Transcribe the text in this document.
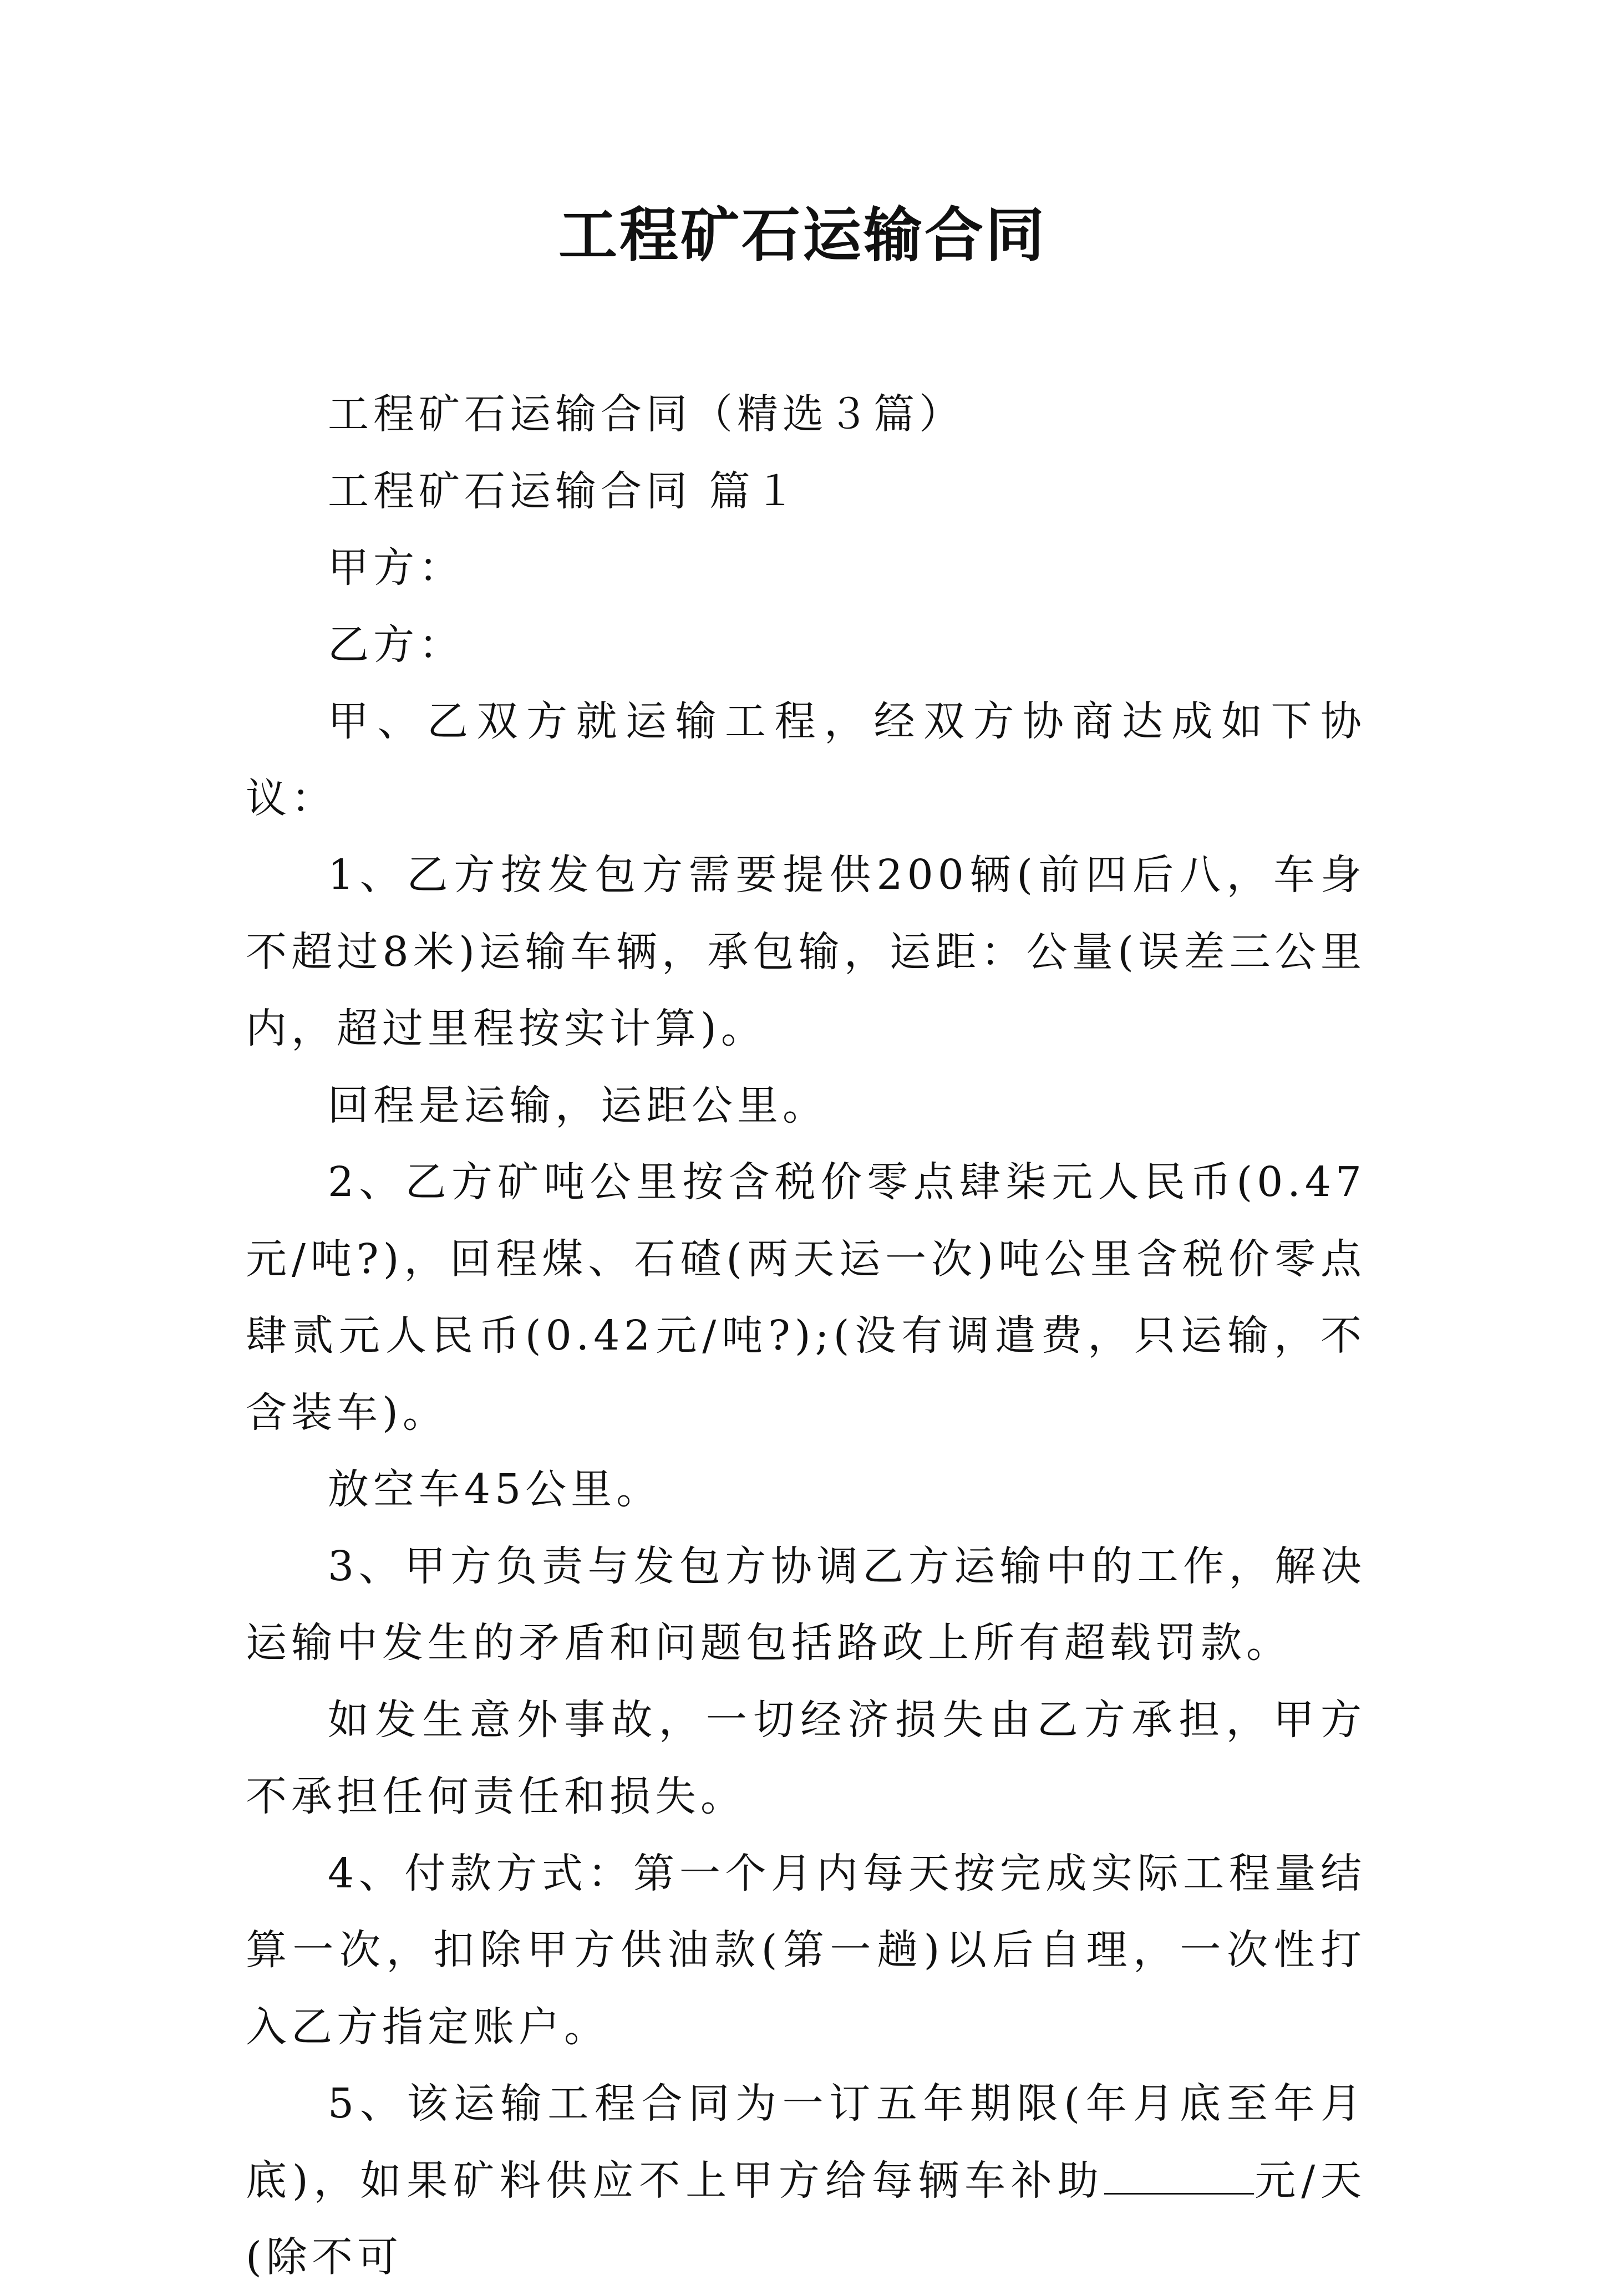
工程矿石运输合同

工程矿石运输合同（精选３篇）

工程矿石运输合同 篇１

甲方：

乙方：

甲、乙双方就运输工程，经双方协商达成如下协议：

1、乙方按发包方需要提供200辆(前四后八，车身不超过8米)运输车辆，承包输，运距：公量(误差三公里内，超过里程按实计算)。

回程是运输，运距公里。

2、乙方矿吨公里按含税价零点肆柒元人民币(0.47元/吨?)，回程煤、石碴(两天运一次)吨公里含税价零点肆贰元人民币(0.42元/吨?);(没有调遣费，只运输，不含装车)。

放空车45公里。

3、甲方负责与发包方协调乙方运输中的工作，解决运输中发生的矛盾和问题包括路政上所有超载罚款。

如发生意外事故，一切经济损失由乙方承担，甲方不承担任何责任和损失。

4、付款方式：第一个月内每天按完成实际工程量结算一次，扣除甲方供油款(第一趟)以后自理，一次性打入乙方指定账户。

5、该运输工程合同为一订五年期限(年月底至年月底)，如果矿料供应不上甲方给每辆车补助	元/天(除不可
